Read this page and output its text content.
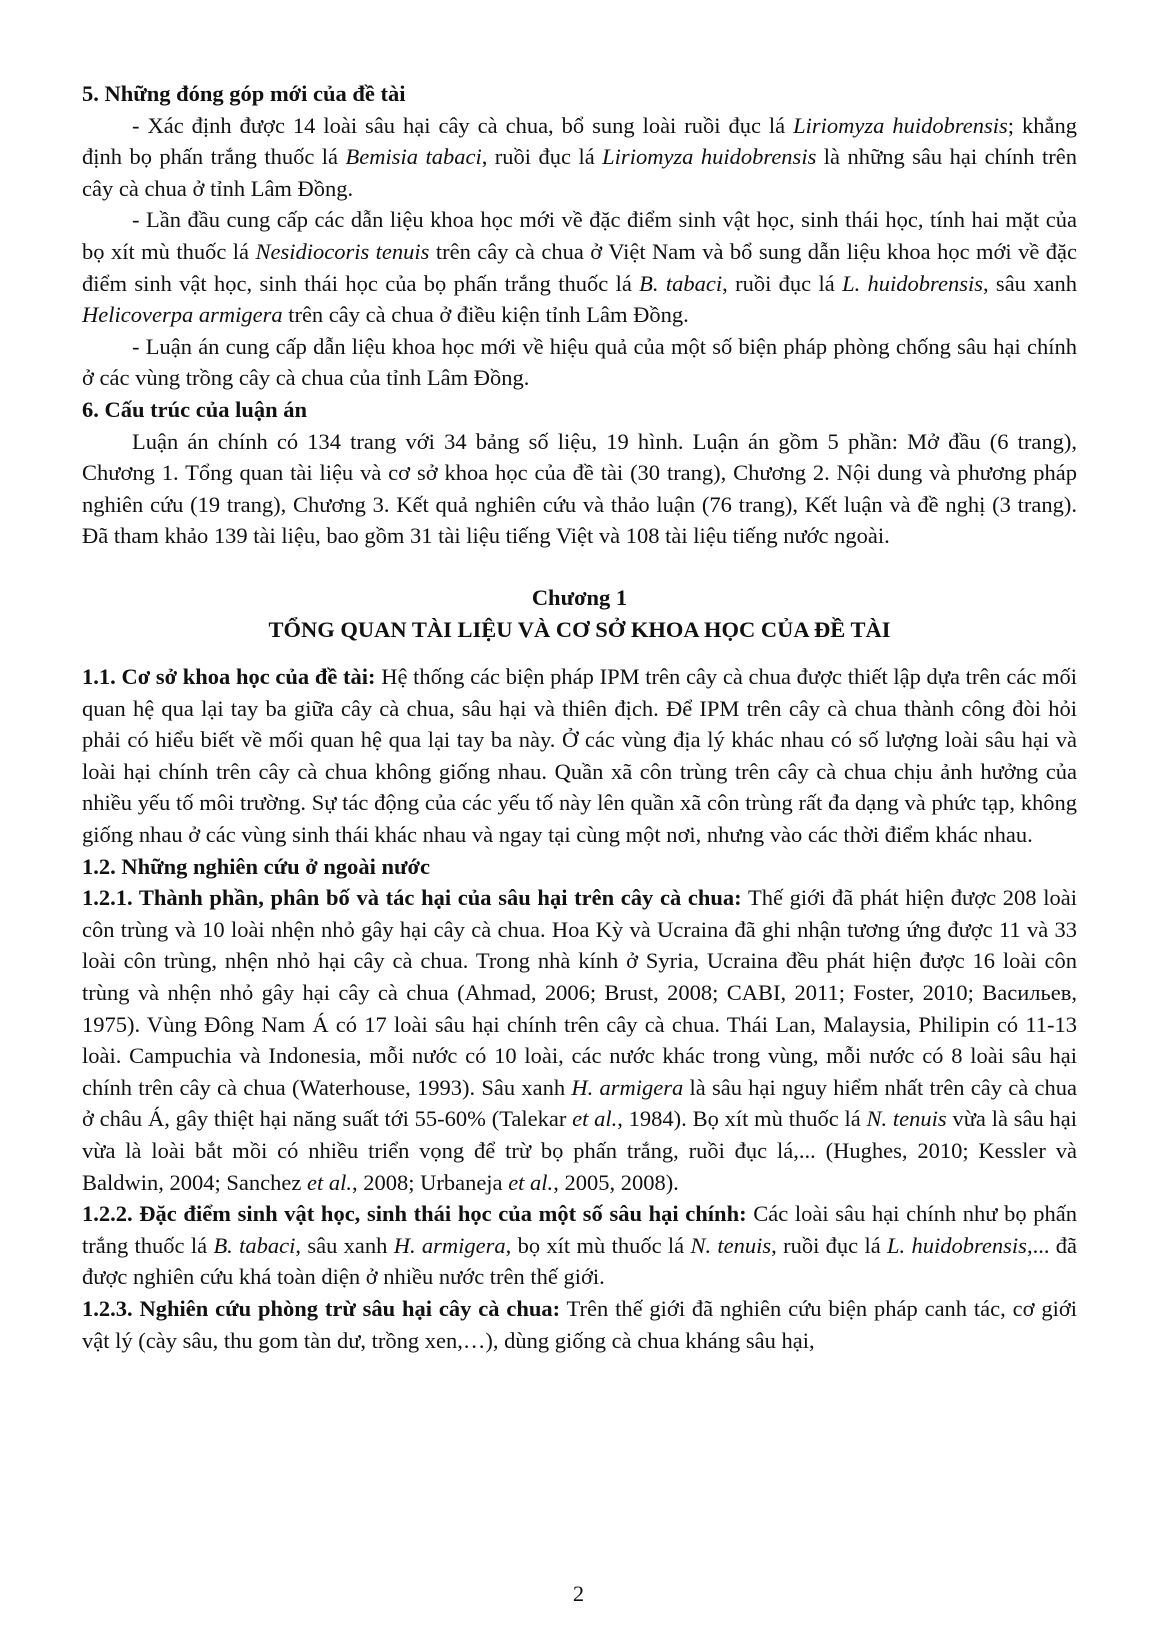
5. Những đóng góp mới của đề tài

- Xác định được 14 loài sâu hại cây cà chua, bổ sung loài ruồi đục lá Liriomyza huidobrensis; khẳng định bọ phấn trắng thuốc lá Bemisia tabaci, ruồi đục lá Liriomyza huidobrensis là những sâu hại chính trên cây cà chua ở tỉnh Lâm Đồng.

- Lần đầu cung cấp các dẫn liệu khoa học mới về đặc điểm sinh vật học, sinh thái học, tính hai mặt của bọ xít mù thuốc lá Nesidiocoris tenuis trên cây cà chua ở Việt Nam và bổ sung dẫn liệu khoa học mới về đặc điểm sinh vật học, sinh thái học của bọ phấn trắng thuốc lá B. tabaci, ruồi đục lá L. huidobrensis, sâu xanh Helicoverpa armigera trên cây cà chua ở điều kiện tỉnh Lâm Đồng.

- Luận án cung cấp dẫn liệu khoa học mới về hiệu quả của một số biện pháp phòng chống sâu hại chính ở các vùng trồng cây cà chua của tỉnh Lâm Đồng.

6. Cấu trúc của luận án

Luận án chính có 134 trang với 34 bảng số liệu, 19 hình. Luận án gồm 5 phần: Mở đầu (6 trang), Chương 1. Tổng quan tài liệu và cơ sở khoa học của đề tài (30 trang), Chương 2. Nội dung và phương pháp nghiên cứu (19 trang), Chương 3. Kết quả nghiên cứu và thảo luận (76 trang), Kết luận và đề nghị (3 trang). Đã tham khảo 139 tài liệu, bao gồm 31 tài liệu tiếng Việt và 108 tài liệu tiếng nước ngoài.

Chương 1

TỔNG QUAN TÀI LIỆU VÀ CƠ SỞ KHOA HỌC CỦA ĐỀ TÀI

1.1. Cơ sở khoa học của đề tài: Hệ thống các biện pháp IPM trên cây cà chua được thiết lập dựa trên các mối quan hệ qua lại tay ba giữa cây cà chua, sâu hại và thiên địch. Để IPM trên cây cà chua thành công đòi hỏi phải có hiểu biết về mối quan hệ qua lại tay ba này. Ở các vùng địa lý khác nhau có số lượng loài sâu hại và loài hại chính trên cây cà chua không giống nhau. Quần xã côn trùng trên cây cà chua chịu ảnh hưởng của nhiều yếu tố môi trường. Sự tác động của các yếu tố này lên quần xã côn trùng rất đa dạng và phức tạp, không giống nhau ở các vùng sinh thái khác nhau và ngay tại cùng một nơi, nhưng vào các thời điểm khác nhau.

1.2. Những nghiên cứu ở ngoài nước

1.2.1. Thành phần, phân bố và tác hại của sâu hại trên cây cà chua: Thế giới đã phát hiện được 208 loài côn trùng và 10 loài nhện nhỏ gây hại cây cà chua. Hoa Kỳ và Ucraina đã ghi nhận tương ứng được 11 và 33 loài côn trùng, nhện nhỏ hại cây cà chua. Trong nhà kính ở Syria, Ucraina đều phát hiện được 16 loài côn trùng và nhện nhỏ gây hại cây cà chua (Ahmad, 2006; Brust, 2008; CABI, 2011; Foster, 2010; Васильев, 1975). Vùng Đông Nam Á có 17 loài sâu hại chính trên cây cà chua. Thái Lan, Malaysia, Philipin có 11-13 loài. Campuchia và Indonesia, mỗi nước có 10 loài, các nước khác trong vùng, mỗi nước có 8 loài sâu hại chính trên cây cà chua (Waterhouse, 1993). Sâu xanh H. armigera là sâu hại nguy hiểm nhất trên cây cà chua ở châu Á, gây thiệt hại năng suất tới 55-60% (Talekar et al., 1984). Bọ xít mù thuốc lá N. tenuis vừa là sâu hại vừa là loài bắt mồi có nhiều triển vọng để trừ bọ phấn trắng, ruồi đục lá,... (Hughes, 2010; Kessler và Baldwin, 2004; Sanchez et al., 2008; Urbaneja et al., 2005, 2008).

1.2.2. Đặc điểm sinh vật học, sinh thái học của một số sâu hại chính: Các loài sâu hại chính như bọ phấn trắng thuốc lá B. tabaci, sâu xanh H. armigera, bọ xít mù thuốc lá N. tenuis, ruồi đục lá L. huidobrensis,... đã được nghiên cứu khá toàn diện ở nhiều nước trên thế giới.

1.2.3. Nghiên cứu phòng trừ sâu hại cây cà chua: Trên thế giới đã nghiên cứu biện pháp canh tác, cơ giới vật lý (cày sâu, thu gom tàn dư, trồng xen,…), dùng giống cà chua kháng sâu hại,

2
